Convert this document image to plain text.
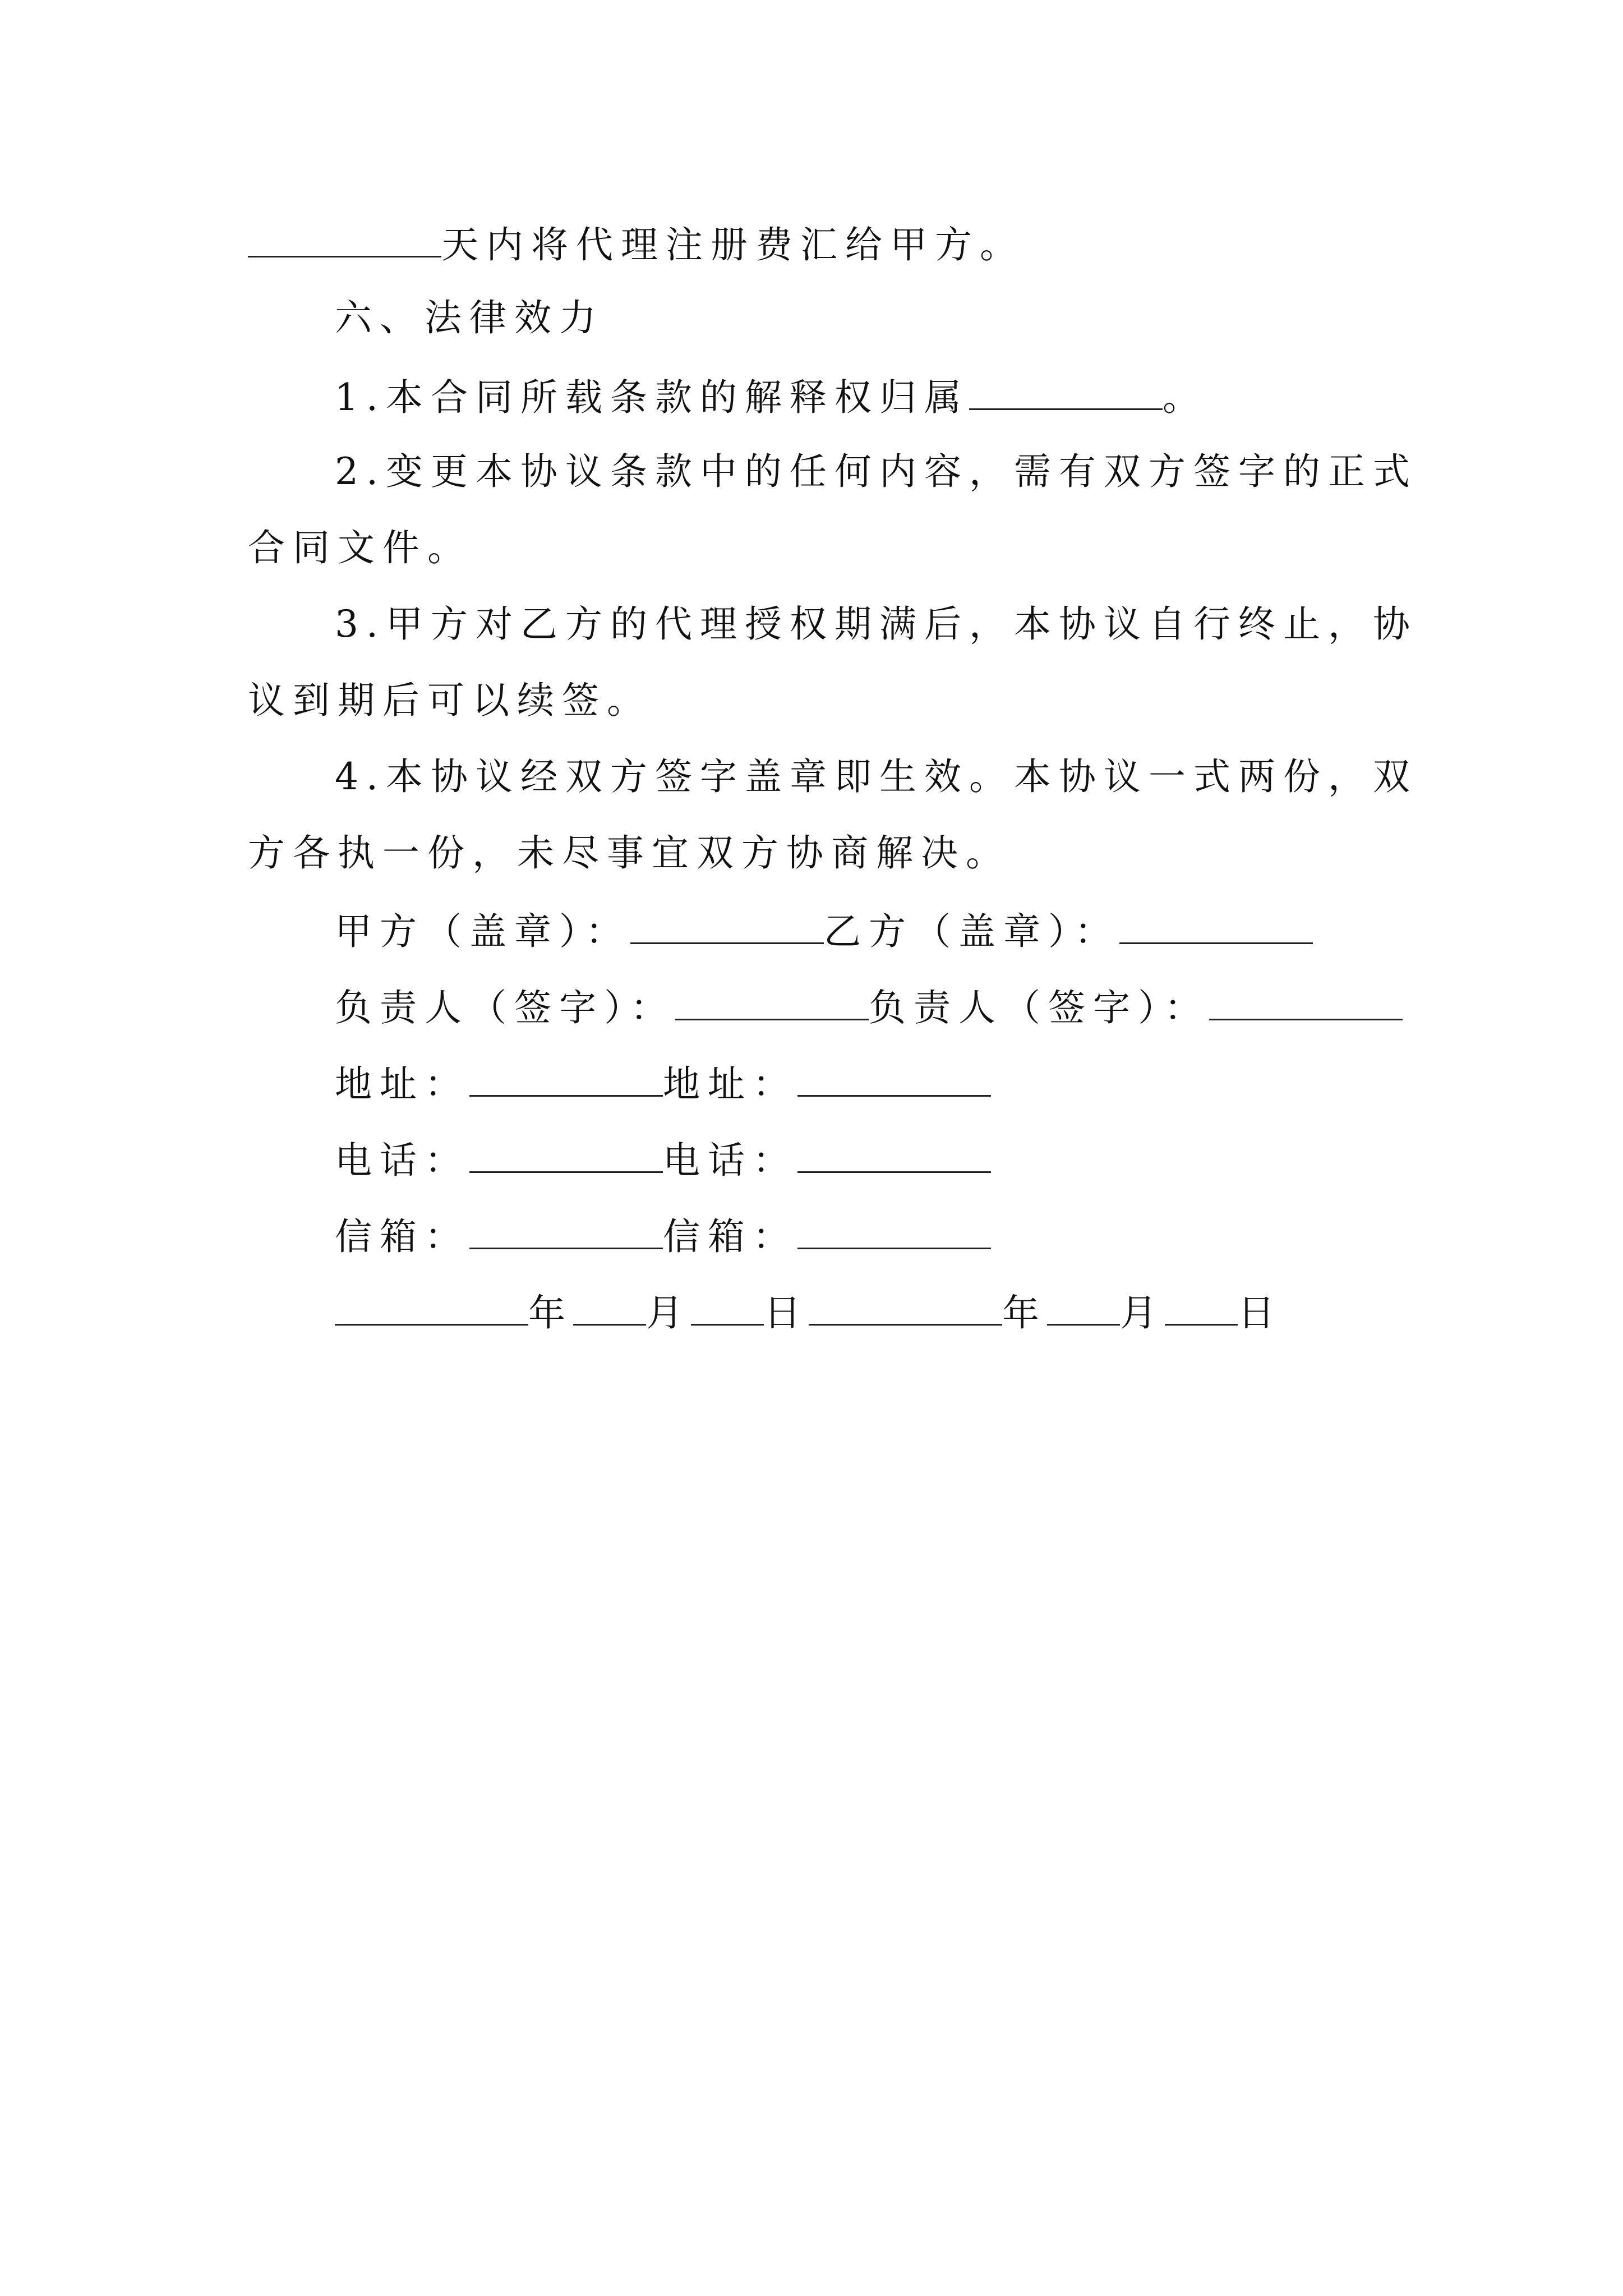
天内将代理注册费汇给甲方。
六、法律效力
1.本合同所载条款的解释权归属	。
2.变更本协议条款中的任何内容，需有双方签字的正式
合同文件。
3.甲方对乙方的代理授权期满后，本协议自行终止，协
议到期后可以续签。
4.本协议经双方签字盖章即生效。本协议一式两份，双
方各执一份，未尽事宜双方协商解决。
甲方（盖章）：	乙方（盖章）：
负责人（签字）：	负责人（签字）：
地址：	地址：
电话：	电话：
信箱：	信箱：
年 月 日	年 月 日
